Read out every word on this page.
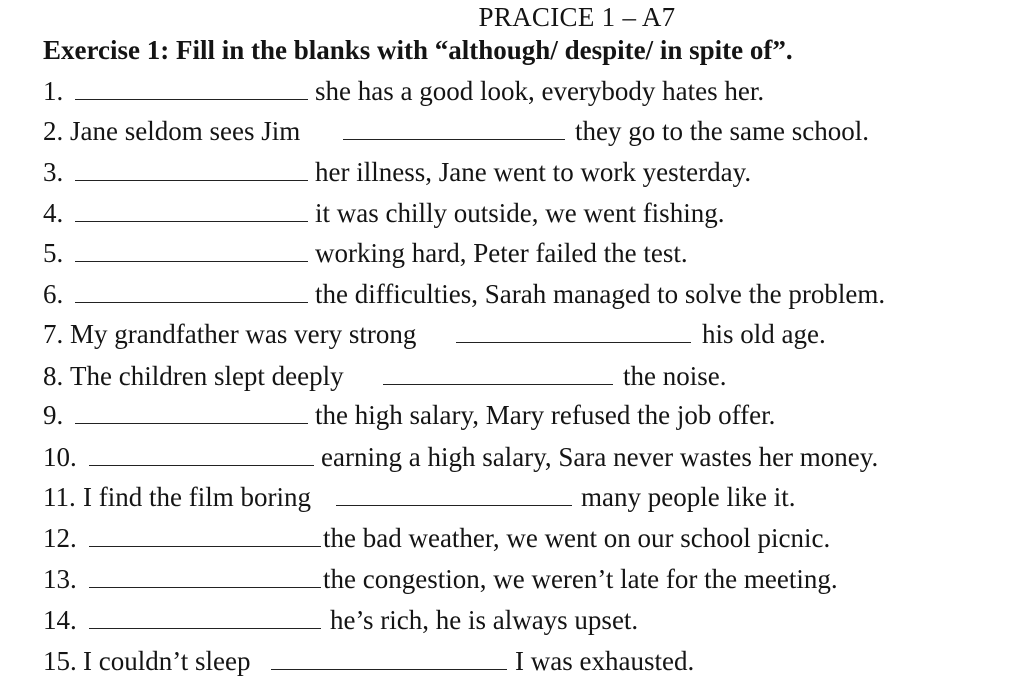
PRACICE 1 – A7
Exercise 1: Fill in the blanks with “although/ despite/ in spite of”.
1.	she has a good look, everybody hates her.
2. Jane seldom sees Jim	they go to the same school.
3.	her illness, Jane went to work yesterday.
4.	it was chilly outside, we went fishing.
5.	working hard, Peter failed the test.
6.	the difficulties, Sarah managed to solve the problem.
7. My grandfather was very strong	his old age.
8. The children slept deeply	the noise.
9.	the high salary, Mary refused the job offer.
10.	earning a high salary, Sara never wastes her money.
11. I find the film boring	many people like it.
12.	the bad weather, we went on our school picnic.
13.	the congestion, we weren’t late for the meeting.
14.	he’s rich, he is always upset.
15. I couldn’t sleep	I was exhausted.
